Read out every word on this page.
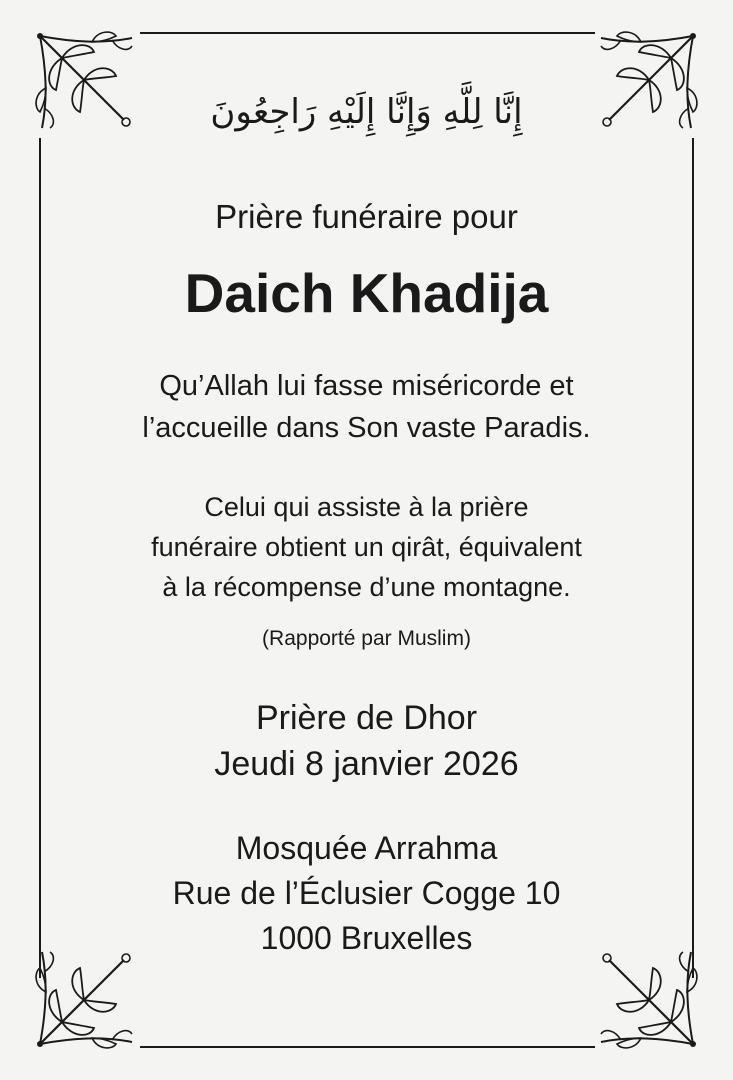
إِنَّا لِلَّهِ وَإِنَّا إِلَيْهِ رَاجِعُونَ
Prière funéraire pour
Daich Khadija
Qu’Allah lui fasse miséricorde et
l’accueille dans Son vaste Paradis.
Celui qui assiste à la prière
funéraire obtient un qirât, équivalent
à la récompense d’une montagne.
(Rapporté par Muslim)
Prière de Dhor
Jeudi 8 janvier 2026
Mosquée Arrahma
Rue de l’Éclusier Cogge 10
1000 Bruxelles
